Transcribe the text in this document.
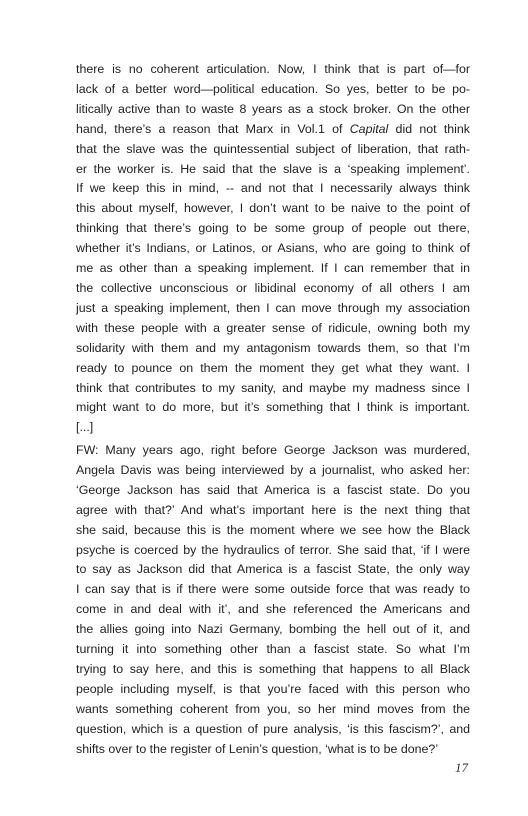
there is no coherent articulation. Now, I think that is part of—for
lack of a better word—political education. So yes, better to be po-
litically active than to waste 8 years as a stock broker. On the other
hand, there’s a reason that Marx in Vol.1 of Capital did not think
that the slave was the quintessential subject of liberation, that rath-
er the worker is. He said that the slave is a ‘speaking implement’.
If we keep this in mind, -- and not that I necessarily always think
this about myself, however, I don’t want to be naive to the point of
thinking that there’s going to be some group of people out there,
whether it’s Indians, or Latinos, or Asians, who are going to think of
me as other than a speaking implement. If I can remember that in
the collective unconscious or libidinal economy of all others I am
just a speaking implement, then I can move through my association
with these people with a greater sense of ridicule, owning both my
solidarity with them and my antagonism towards them, so that I’m
ready to pounce on them the moment they get what they want. I
think that contributes to my sanity, and maybe my madness since I
might want to do more, but it’s something that I think is important.
[...]
FW: Many years ago, right before George Jackson was murdered,
Angela Davis was being interviewed by a journalist, who asked her:
‘George Jackson has said that America is a fascist state. Do you
agree with that?’ And what’s important here is the next thing that
she said, because this is the moment where we see how the Black
psyche is coerced by the hydraulics of terror. She said that, ‘if I were
to say as Jackson did that America is a fascist State, the only way
I can say that is if there were some outside force that was ready to
come in and deal with it’, and she referenced the Americans and
the allies going into Nazi Germany, bombing the hell out of it, and
turning it into something other than a fascist state. So what I’m
trying to say here, and this is something that happens to all Black
people including myself, is that you’re faced with this person who
wants something coherent from you, so her mind moves from the
question, which is a question of pure analysis, ‘is this fascism?’, and
shifts over to the register of Lenin’s question, ‘what is to be done?’
17
